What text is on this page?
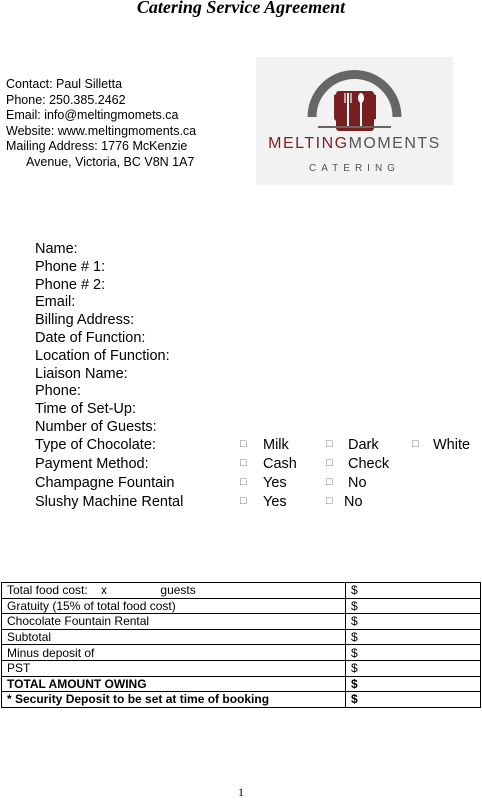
Catering Service Agreement
Contact: Paul Silletta
Phone: 250.385.2462
Email: info@meltingmomets.ca
Website: www.meltingmoments.ca
Mailing Address: 1776 McKenzie
Avenue, Victoria, BC V8N 1A7
MELTINGMOMENTS
CATERING
Name:
Phone # 1:
Phone # 2:
Email:
Billing Address:
Date of Function:
Location of Function:
Liaison Name:
Phone:
Time of Set-Up:
Number of Guests:
Type of Chocolate:	□ Milk	□ Dark	□ White
Payment Method:	□ Cash	□ Check
Champagne Fountain	□ Yes	□ No
Slushy Machine Rental	□ Yes	□ No
Total food cost:    x                guests	$
Gratuity (15% of total food cost)	$
Chocolate Fountain Rental	$
Subtotal	$
Minus deposit of	$
PST	$
TOTAL AMOUNT OWING	$
* Security Deposit to be set at time of booking	$
1
